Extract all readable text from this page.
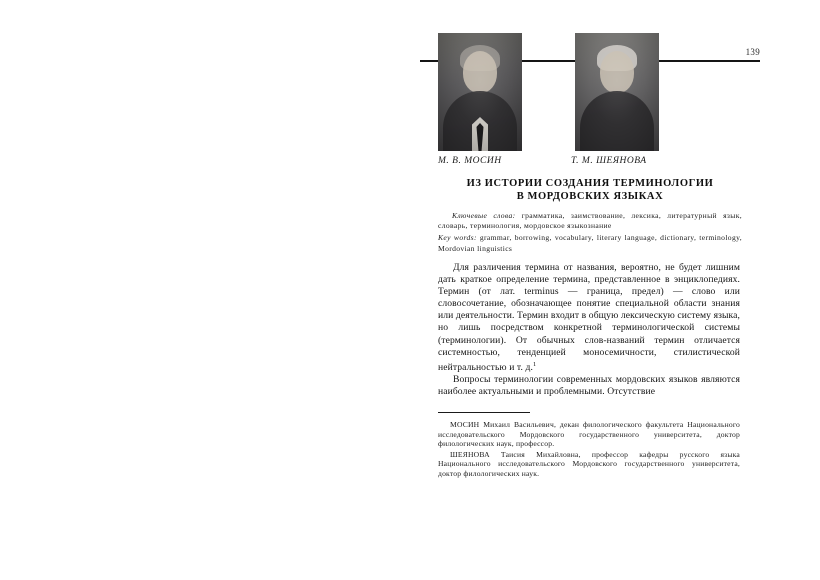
139
М. В. МОСИН	Т. М. ШЕЯНОВА
ИЗ ИСТОРИИ СОЗДАНИЯ ТЕРМИНОЛОГИИ
В МОРДОВСКИХ ЯЗЫКАХ
Ключевые слова: грамматика, заимствование, лексика, литературный язык, словарь, терминология, мордовское языкознание
Key words: grammar, borrowing, vocabulary, literary language, dictionary, terminology, Mordovian linguistics

Для различения термина от названия, вероятно, не будет лишним дать краткое определение термина, представленное в энциклопедиях. Термин (от лат. terminus — граница, предел) — слово или словосочетание, обозначающее понятие специальной области знания или деятельности. Термин входит в общую лексическую систему языка, но лишь посредством конкретной терминологической системы (терминологии). От обычных слов-названий термин отличается системностью, тенденцией моносемичности, стилистической нейтральностью и т. д.$^1$

Вопросы терминологии современных мордовских языков являются наиболее актуальными и проблемными. Отсутствие

МОСИН Михаил Васильевич, декан филологического факультета Национального исследовательского Мордовского государственного университета, доктор филологических наук, профессор.

ШЕЯНОВА Таисия Михайловна, профессор кафедры русского языка Национального исследовательского Мордовского государственного университета, доктор филологических наук.
